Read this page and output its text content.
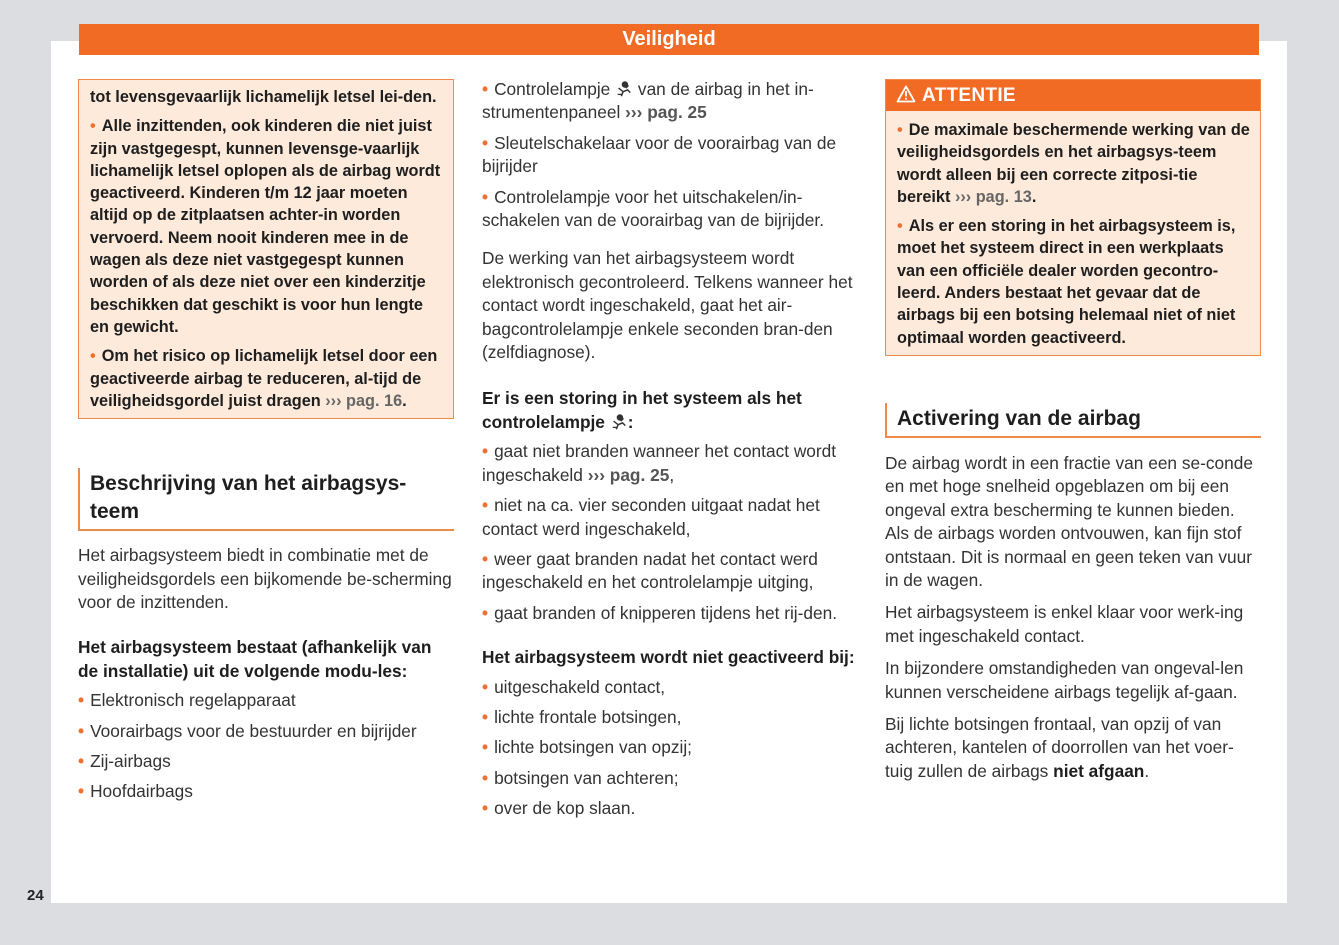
Veiligheid

tot levensgevaarlijk lichamelijk letsel lei-den.

• Alle inzittenden, ook kinderen die niet juist zijn vastgegespt, kunnen levensge-vaarlijk lichamelijk letsel oplopen als de airbag wordt geactiveerd. Kinderen t/m 12 jaar moeten altijd op de zitplaatsen achter-in worden vervoerd. Neem nooit kinderen mee in de wagen als deze niet vastgegespt kunnen worden of als deze niet over een kinderzitje beschikken dat geschikt is voor hun lengte en gewicht.

• Om het risico op lichamelijk letsel door een geactiveerde airbag te reduceren, al-tijd de veiligheidsgordel juist dragen ››› pag. 16.

Beschrijving van het airbagsys-teem

Het airbagsysteem biedt in combinatie met de veiligheidsgordels een bijkomende be-scherming voor de inzittenden.

Het airbagsysteem bestaat (afhankelijk van de installatie) uit de volgende modu-les:

• Elektronisch regelapparaat
• Voorairbags voor de bestuurder en bijrijder
• Zij-airbags
• Hoofdairbags
• Controlelampje van de airbag in het in-strumentenpaneel ››› pag. 25
• Sleutelschakelaar voor de voorairbag van de bijrijder
• Controlelampje voor het uitschakelen/in-schakelen van de voorairbag van de bijrijder.

De werking van het airbagsysteem wordt elektronisch gecontroleerd. Telkens wanneer het contact wordt ingeschakeld, gaat het air-bagcontrolelampje enkele seconden bran-den (zelfdiagnose).

Er is een storing in het systeem als het controlelampje :

• gaat niet branden wanneer het contact wordt ingeschakeld ››› pag. 25,
• niet na ca. vier seconden uitgaat nadat het contact werd ingeschakeld,
• weer gaat branden nadat het contact werd ingeschakeld en het controlelampje uitging,
• gaat branden of knipperen tijdens het rij-den.

Het airbagsysteem wordt niet geactiveerd bij:

• uitgeschakeld contact,
• lichte frontale botsingen,
• lichte botsingen van opzij;
• botsingen van achteren;
• over de kop slaan.
ATTENTIE

• De maximale beschermende werking van de veiligheidsgordels en het airbagsys-teem wordt alleen bij een correcte zitposi-tie bereikt ››› pag. 13.

• Als er een storing in het airbagsysteem is, moet het systeem direct in een werkplaats van een officiële dealer worden gecontro-leerd. Anders bestaat het gevaar dat de airbags bij een botsing helemaal niet of niet optimaal worden geactiveerd.

Activering van de airbag

De airbag wordt in een fractie van een se-conde en met hoge snelheid opgeblazen om bij een ongeval extra bescherming te kunnen bieden. Als de airbags worden ontvouwen, kan fijn stof ontstaan. Dit is normaal en geen teken van vuur in de wagen.

Het airbagsysteem is enkel klaar voor werk-ing met ingeschakeld contact.

In bijzondere omstandigheden van ongeval-len kunnen verscheidene airbags tegelijk af-gaan.

Bij lichte botsingen frontaal, van opzij of van achteren, kantelen of doorrollen van het voer-tuig zullen de airbags niet afgaan.

24
